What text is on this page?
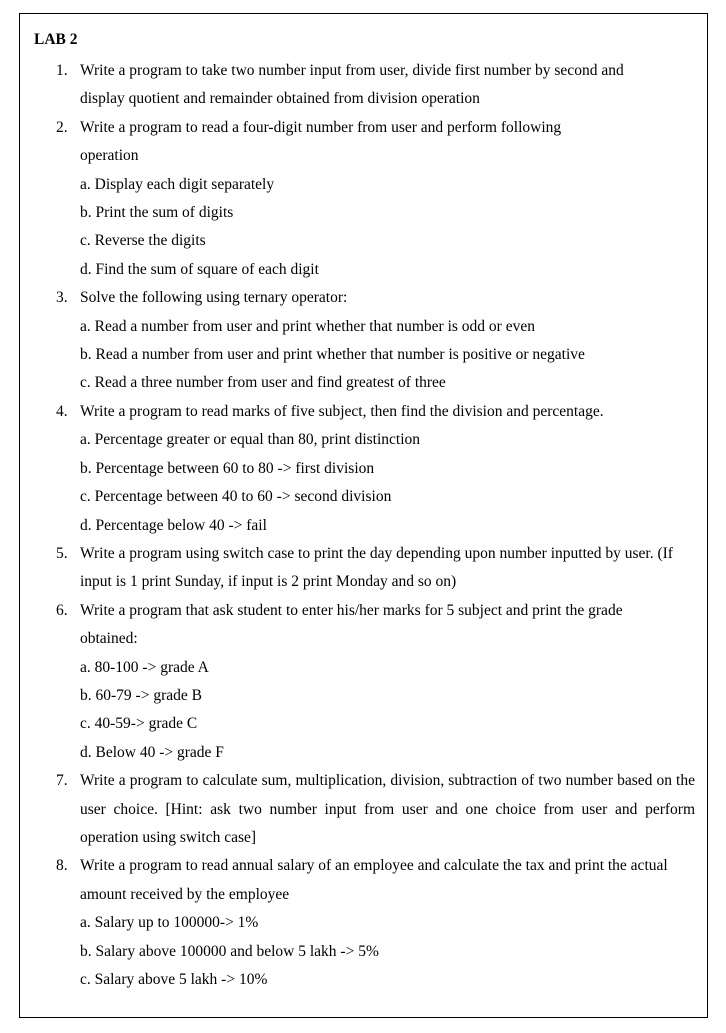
LAB 2
1. Write a program to take two number input from user, divide first number by second and display quotient and remainder obtained from division operation
2. Write a program to read a four-digit number from user and perform following operation
a. Display each digit separately
b. Print the sum of digits
c. Reverse the digits
d. Find the sum of square of each digit
3. Solve the following using ternary operator:
a. Read a number from user and print whether that number is odd or even
b. Read a number from user and print whether that number is positive or negative
c. Read a three number from user and find greatest of three
4. Write a program to read marks of five subject, then find the division and percentage.
a. Percentage greater or equal than 80, print distinction
b. Percentage between 60 to 80 -> first division
c. Percentage between 40 to 60 -> second division
d. Percentage below 40 -> fail
5. Write a program using switch case to print the day depending upon number inputted by user. (If input is 1 print Sunday, if input is 2 print Monday and so on)
6. Write a program that ask student to enter his/her marks for 5 subject and print the grade obtained:
a. 80-100 -> grade A
b. 60-79 -> grade B
c. 40-59-> grade C
d. Below 40 -> grade F
7. Write a program to calculate sum, multiplication, division, subtraction of two number based on the user choice. [Hint: ask two number input from user and one choice from user and perform operation using switch case]
8. Write a program to read annual salary of an employee and calculate the tax and print the actual amount received by the employee
a. Salary up to 100000-> 1%
b. Salary above 100000 and below 5 lakh -> 5%
c. Salary above 5 lakh -> 10%
